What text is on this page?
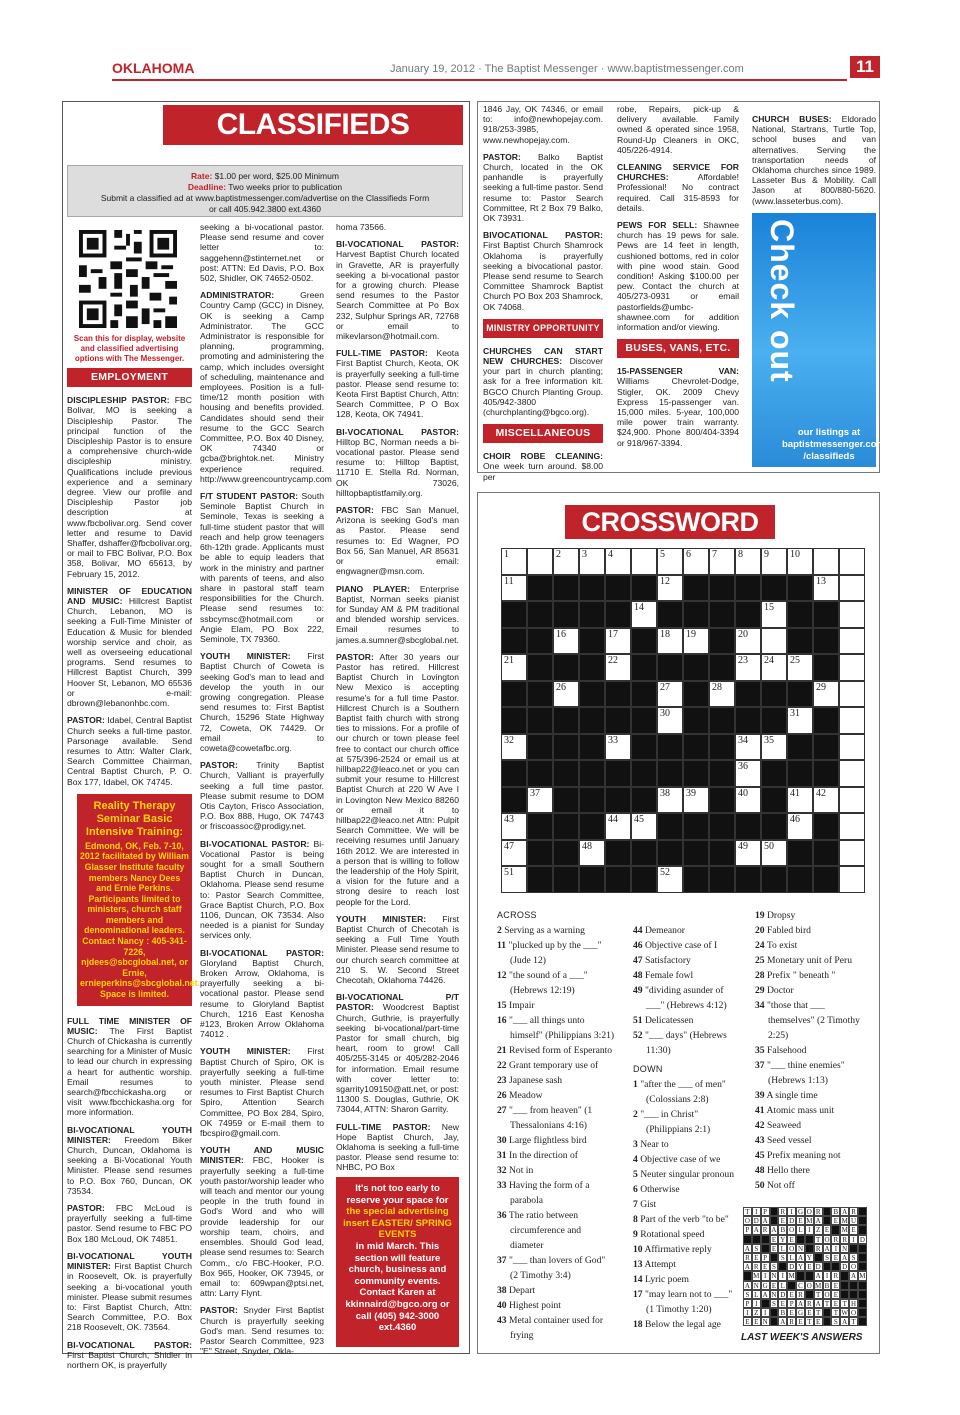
OKLAHOMA	January 19, 2012 · The Baptist Messenger · www.baptistmessenger.com	11
CLASSIFIEDS
Rate: $1.00 per word, $25.00 Minimum
Deadline: Two weeks prior to publication
Submit a classified ad at www.baptistmessenger.com/advertise on the Classifieds Form
or call 405.942.3800 ext.4360
Scan this for display, website and classified advertising options with The Messenger.
EMPLOYMENT

DISCIPLESHIP PASTOR: FBC Bolivar, MO is seeking a Discipleship Pastor. The principal function of the Discipleship Pastor is to ensure a comprehensive church-wide discipleship ministry. Qualifications include previous experience and a seminary degree. View our profile and Discipleship Pastor job description at www.fbcbolivar.org. Send cover letter and resume to David Shaffer, dshaffer@fbcbolivar.org, or mail to FBC Bolivar, P.O. Box 358, Bolivar, MO 65613, by February 15, 2012.

MINISTER OF EDUCATION AND MUSIC: Hillcrest Baptist Church, Lebanon, MO is seeking a Full-Time Minister of Education & Music for blended worship service and choir, as well as overseeing educational programs. Send resumes to Hillcrest Baptist Church, 399 Hoover St, Lebanon, MO 65536 or e-mail: dbrown@lebanonhbc.com.

PASTOR: Idabel, Central Baptist Church seeks a full-time pastor. Parsonage available. Send resumes to Attn: Walter Clark, Search Committee Chairman, Central Baptist Church, P. O. Box 177, Idabel, OK 74745.

Reality Therapy Seminar Basic Intensive Training:
Edmond, OK, Feb. 7-10, 2012 facilitated by William Glasser Institute faculty members Nancy Dees and Ernie Perkins. Participants limited to ministers, church staff members and denominational leaders. Contact Nancy : 405-341-7226, njdees@sbcglobal.net, or Ernie, ernieperkins@sbcglobal.net. Space is limited.

FULL TIME MINISTER OF MUSIC: The First Baptist Church of Chickasha is currently searching for a Minister of Music to lead our church in expressing a heart for authentic worship. Email resumes to search@fbcchickasha.org or visit www.fbcchickasha.org for more information.

BI-VOCATIONAL YOUTH MINISTER: Freedom Biker Church, Duncan, Oklahoma is seeking a Bi-Vocational Youth Minister. Please send resumes to P.O. Box 760, Duncan, OK 73534.

PASTOR: FBC McLoud is prayerfully seeking a full-time pastor. Send resume to FBC PO Box 180 McLoud, OK 74851.

BI-VOCATIONAL YOUTH MINISTER: First Baptist Church in Roosevelt, Ok. is prayerfully seeking a bi-vocational youth minister. Please submit resumes to: First Baptist Church, Attn: Search Committee, P.O. Box 218 Roosevelt, OK. 73564.

BI-VOCATIONAL PASTOR: First Baptist Church, Shidler in northern OK, is prayerfully

seeking a bi-vocational pastor. Please send resume and cover letter to: saggehenn@stinternet.net or post: ATTN: Ed Davis, P.O. Box 502, Shidler, OK 74652-0502.

ADMINISTRATOR: Green Country Camp (GCC) in Disney, OK is seeking a Camp Administrator. The GCC Administrator is responsible for planning, programming, promoting and administering the camp, which includes oversight of scheduling, maintenance and employees. Position is a full-time/12 month position with housing and benefits provided. Candidates should send their resume to the GCC Search Committee, P.O. Box 40 Disney, OK 74340 or gcba@brightok.net. Ministry experience required. http://www.greencountrycamp.com

F/T STUDENT PASTOR: South Seminole Baptist Church in Seminole, Texas is seeking a full-time student pastor that will reach and help grow teenagers 6th-12th grade. Applicants must be able to equip leaders that work in the ministry and partner with parents of teens, and also share in pastoral staff team responsibilities for the Church. Please send resumes to: ssbcymsc@hotmail.com or Angie Elam, PO Box 222, Seminole, TX 79360.

YOUTH MINISTER: First Baptist Church of Coweta is seeking God's man to lead and develop the youth in our growing congregation. Please send resumes to: First Baptist Church, 15296 State Highway 72, Coweta, OK 74429. Or email to coweta@cowetafbc.org.

PASTOR: Trinity Baptist Church, Valliant is prayerfully seeking a full time pastor. Please submit resume to DOM Otis Cayton, Frisco Association, P.O. Box 888, Hugo, OK 74743 or friscoassoc@prodigy.net.

BI-VOCATIONAL PASTOR: Bi-Vocational Pastor is being sought for a small Southern Baptist Church in Duncan, Oklahoma. Please send resume to: Pastor Search Committee, Grace Baptist Church, P.O. Box 1106, Duncan, OK 73534. Also needed is a pianist for Sunday services only.

BI-VOCATIONAL PASTOR: Gloryland Baptist Church, Broken Arrow, Oklahoma, is prayerfully seeking a bi-vocational pastor. Please send resume to Gloryland Baptist Church, 1216 East Kenosha #123, Broken Arrow Oklahoma 74012 .

YOUTH MINISTER: First Baptist Church of Spiro, OK is prayerfully seeking a full-time youth minister. Please send resumes to First Baptist Church Spiro, Attention Search Committee, PO Box 284, Spiro, OK 74959 or E-mail them to fbcspiro@gmail.com.

YOUTH AND MUSIC MINISTER: FBC, Hooker is prayerfully seeking a full-time youth pastor/worship leader who will teach and mentor our young people in the truth found in God's Word and who will provide leadership for our worship team, choirs, and ensembles. Should God lead, please send resumes to: Search Comm., c/o FBC-Hooker, P.O. Box 965, Hooker, OK 73945, or email to: 609wpan@ptsi.net, attn: Larry Flynt.

PASTOR: Snyder First Baptist Church is prayerfully seeking God's man. Send resumes to: Pastor Search Committee, 923 "E" Street, Snyder, Okla-

homa 73566.

BI-VOCATIONAL PASTOR: Harvest Baptist Church located in Gravette, AR is prayerfully seeking a bi-vocational pastor for a growing church. Please send resumes to the Pastor Search Committee at Po Box 232, Sulphur Springs AR, 72768 or email to mikevlarson@hotmail.com.

FULL-TIME PASTOR: Keota First Baptist Church, Keota, OK is prayerfully seeking a full-time pastor. Please send resume to: Keota First Baptist Church, Attn: Search Committee, P O Box 128, Keota, OK 74941.

BI-VOCATIONAL PASTOR: Hilltop BC, Norman needs a bi-vocational pastor. Please send resume to: Hilltop Baptist, 11710 E. Stella Rd. Norman, OK 73026, hilltopbaptistfamily.org.

PASTOR: FBC San Manuel, Arizona is seeking God's man as Pastor. Please send resumes to: Ed Wagner, PO Box 56, San Manuel, AR 85631 or email: engwagner@msn.com.

PIANO PLAYER: Enterprise Baptist, Norman seeks pianist for Sunday AM & PM traditional and blended worship services. Email resumes to james.a.sumner@sbcglobal.net.

PASTOR: After 30 years our Pastor has retired. Hillcrest Baptist Church in Lovington New Mexico is accepting resume's for a full time Pastor. Hillcrest Church is a Southern Baptist faith church with strong ties to missions. For a profile of our church or town please feel free to contact our church office at 575/396-2524 or email us at hillbap22@leaco.net or you can submit your resume to Hillcrest Baptist Church at 220 W Ave I in Lovington New Mexico 88260 or email it to hillbap22@leaco.net Attn: Pulpit Search Committee. We will be receiving resumes until January 16th 2012. We are interested in a person that is willing to follow the leadership of the Holy Spirit, a vision for the future and a strong desire to reach lost people for the Lord.

YOUTH MINISTER: First Baptist Church of Checotah is seeking a Full Time Youth Minister. Please send resume to our church search committee at 210 S. W. Second Street Checotah, Oklahoma 74426.

BI-VOCATIONAL P/T PASTOR: Woodcrest Baptist Church, Guthrie, is prayerfully seeking bi-vocational/part-time Pastor for small church, big heart, room to grow! Call 405/255-3145 or 405/282-2046 for information. Email resume with cover letter to: sgarrity109150@att.net, or post: 11300 S. Douglas, Guthrie, OK 73044, ATTN: Sharon Garrity.

FULL-TIME PASTOR: New Hope Baptist Church, Jay, Oklahoma is seeking a full-time pastor. Please send resume to: NHBC, PO Box

It's not too early to reserve your space for
the special advertising insert EASTER/ SPRING EVENTS
in mid March. This section will feature church, business and community events.
Contact Karen at kkinnaird@bgco.org or call (405) 942-3000 ext.4360

1846 Jay, OK 74346, or email to: info@newhopejay.com. 918/253-3985, www.newhopejay.com.

PASTOR: Balko Baptist Church, located in the OK panhandle is prayerfully seeking a full-time pastor. Send resume to: Pastor Search Committee, Rt 2 Box 79 Balko, OK 73931.

BIVOCATIONAL PASTOR: First Baptist Church Shamrock Oklahoma is prayerfully seeking a bivocational pastor. Please send resume to Search Committee Shamrock Baptist Church PO Box 203 Shamrock, OK 74068.

MINISTRY OPPORTUNITY

CHURCHES CAN START NEW CHURCHES: Discover your part in church planting; ask for a free information kit. BGCO Church Planting Group. 405/942-3800 (churchplanting@bgco.org).

MISCELLANEOUS

CHOIR ROBE CLEANING: One week turn around. $8.00 per

robe, Repairs, pick-up & delivery available. Family owned & operated since 1958, Round-Up Cleaners in OKC, 405/226-4914.

CLEANING SERVICE FOR CHURCHES: Affordable! Professional! No contract required. Call 315-8593 for details.

PEWS FOR SELL: Shawnee church has 19 pews for sale. Pews are 14 feet in length, cushioned bottoms, red in color with pine wood stain. Good condition! Asking $100.00 per pew. Contact the church at 405/273-0931 or email pastorfields@umbc-shawnee.com for addition information and/or viewing.

BUSES, VANS, ETC.

15-PASSENGER VAN: Williams Chevrolet-Dodge, Stigler, OK. 2009 Chevy Express 15-passenger van. 15,000 miles. 5-year, 100,000 mile power train warranty. $24,900. Phone 800/404-3394 or 918/967-3394.

CHURCH BUSES: Eldorado National, Startrans, Turtle Top, school buses and van alternatives. Serving the transportation needs of Oklahoma churches since 1989. Lasseter Bus & Mobility. Call Jason at 800/880-5620. (www.lasseterbus.com).

Check out
our listings at baptistmessenger.com /classifieds
CROSSWORD
1	2 3 4	5 6 7 8 9 10
11	12	13
14	15
16	17	18 19	20
21	22	23 24 25
26	27	28	29
30	31
32	33	34 35
36
37	38 39	40	41 42
43	44 45	46
47	48	49 50
51	52
ACROSS
2 Serving as a warning
11 "plucked up by the ___"
(Jude 12)
12 "the sound of a ___"
(Hebrews 12:19)
15 Impair
16 "___ all things unto
himself" (Philippians 3:21)
21 Revised form of Esperanto
22 Grant temporary use of
23 Japanese sash
26 Meadow
27 "___ from heaven" (1
Thessalonians 4:16)
30 Large flightless bird
31 In the direction of
32 Not in
33 Having the form of a
parabola
36 The ratio between
circumference and
diameter
37 "___ than lovers of God"
(2 Timothy 3:4)
38 Depart
40 Highest point
43 Metal container used for
frying
44 Demeanor
46 Objective case of I
47 Satisfactory
48 Female fowl
49 "dividing asunder of
___" (Hebrews 4:12)
51 Delicatessen
52 "___ days" (Hebrews
11:30)
DOWN
1 "after the ___ of men"
(Colossians 2:8)
2 "___ in Christ"
(Philippians 2:1)
3 Near to
4 Objective case of we
5 Neuter singular pronoun
6 Otherwise
7 Gist
8 Part of the verb "to be"
9 Rotational speed
10 Affirmative reply
13 Attempt
14 Lyric poem
17 "may learn not to ___"
(1 Timothy 1:20)
18 Below the legal age
19 Dropsy
20 Fabled bird
24 To exist
25 Monetary unit of Peru
28 Prefix " beneath "
29 Doctor
34 "those that ___
themselves" (2 Timothy
2:25)
35 Falsehood
37 "___ thine enemies"
(Hebrews 1:13)
39 A single time
41 Atomic mass unit
42 Seaweed
43 Seed vessel
45 Prefix meaning not
48 Hello there
50 Not off
T I P	R I G O R B A R
O D A	E D E M A	E M U
P A R A B O L I Z E	M E
E Y E	T O R R I D
A S	E L O N R A I N
R E P	S L A Y	S E A S
A R E S	D Y E D	D O
M I N I M	A I R A M
A N G E L	C O M B E
S L A N D E R	T O E
P I	S E P A R A T E T H
I Z I	B E G E T	T W O
E E N A R E T E	S A T
LAST WEEK'S ANSWERS
